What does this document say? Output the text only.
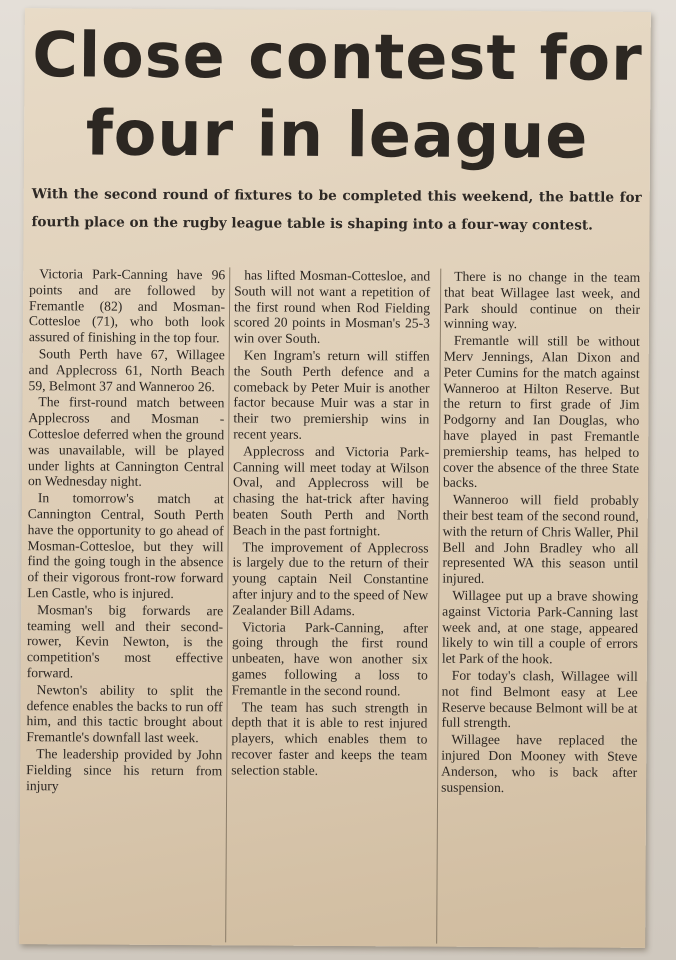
Close contest for
four in league

With the second round of fixtures to be completed this weekend, the battle for fourth place on the rugby league table is shaping into a four-way contest.

Victoria Park-Canning have 96 points and are followed by Fremantle (82) and Mosman-Cottesloe (71), who both look assured of finishing in the top four.

South Perth have 67, Willagee and Applecross 61, North Beach 59, Belmont 37 and Wanneroo 26.

The first-round match between Applecross and Mosman - Cottesloe deferred when the ground was unavailable, will be played under lights at Cannington Central on Wednesday night.

In tomorrow's match at Cannington Central, South Perth have the opportunity to go ahead of Mosman-Cottesloe, but they will find the going tough in the absence of their vigorous front-row forward Len Castle, who is injured.

Mosman's big forwards are teaming well and their second-rower, Kevin Newton, is the competition's most effective forward.

Newton's ability to split the defence enables the backs to run off him, and this tactic brought about Fremantle's downfall last week.

The leadership provided by John Fielding since his return from injury

has lifted Mosman-Cottesloe, and South will not want a repetition of the first round when Rod Fielding scored 20 points in Mosman's 25-3 win over South.

Ken Ingram's return will stiffen the South Perth defence and a comeback by Peter Muir is another factor because Muir was a star in their two premiership wins in recent years.

Applecross and Victoria Park-Canning will meet today at Wilson Oval, and Applecross will be chasing the hat-trick after having beaten South Perth and North Beach in the past fortnight.

The improvement of Applecross is largely due to the return of their young captain Neil Constantine after injury and to the speed of New Zealander Bill Adams.

Victoria Park-Canning, after going through the first round unbeaten, have won another six games following a loss to Fremantle in the second round.

The team has such strength in depth that it is able to rest injured players, which enables them to recover faster and keeps the team selection stable.

There is no change in the team that beat Willagee last week, and Park should continue on their winning way.

Fremantle will still be without Merv Jennings, Alan Dixon and Peter Cumins for the match against Wanneroo at Hilton Reserve. But the return to first grade of Jim Podgorny and Ian Douglas, who have played in past Fremantle premiership teams, has helped to cover the absence of the three State backs.

Wanneroo will field probably their best team of the second round, with the return of Chris Waller, Phil Bell and John Bradley who all represented WA this season until injured.

Willagee put up a brave showing against Victoria Park-Canning last week and, at one stage, appeared likely to win till a couple of errors let Park of the hook.

For today's clash, Willagee will not find Belmont easy at Lee Reserve because Belmont will be at full strength.

Willagee have replaced the injured Don Mooney with Steve Anderson, who is back after suspension.
